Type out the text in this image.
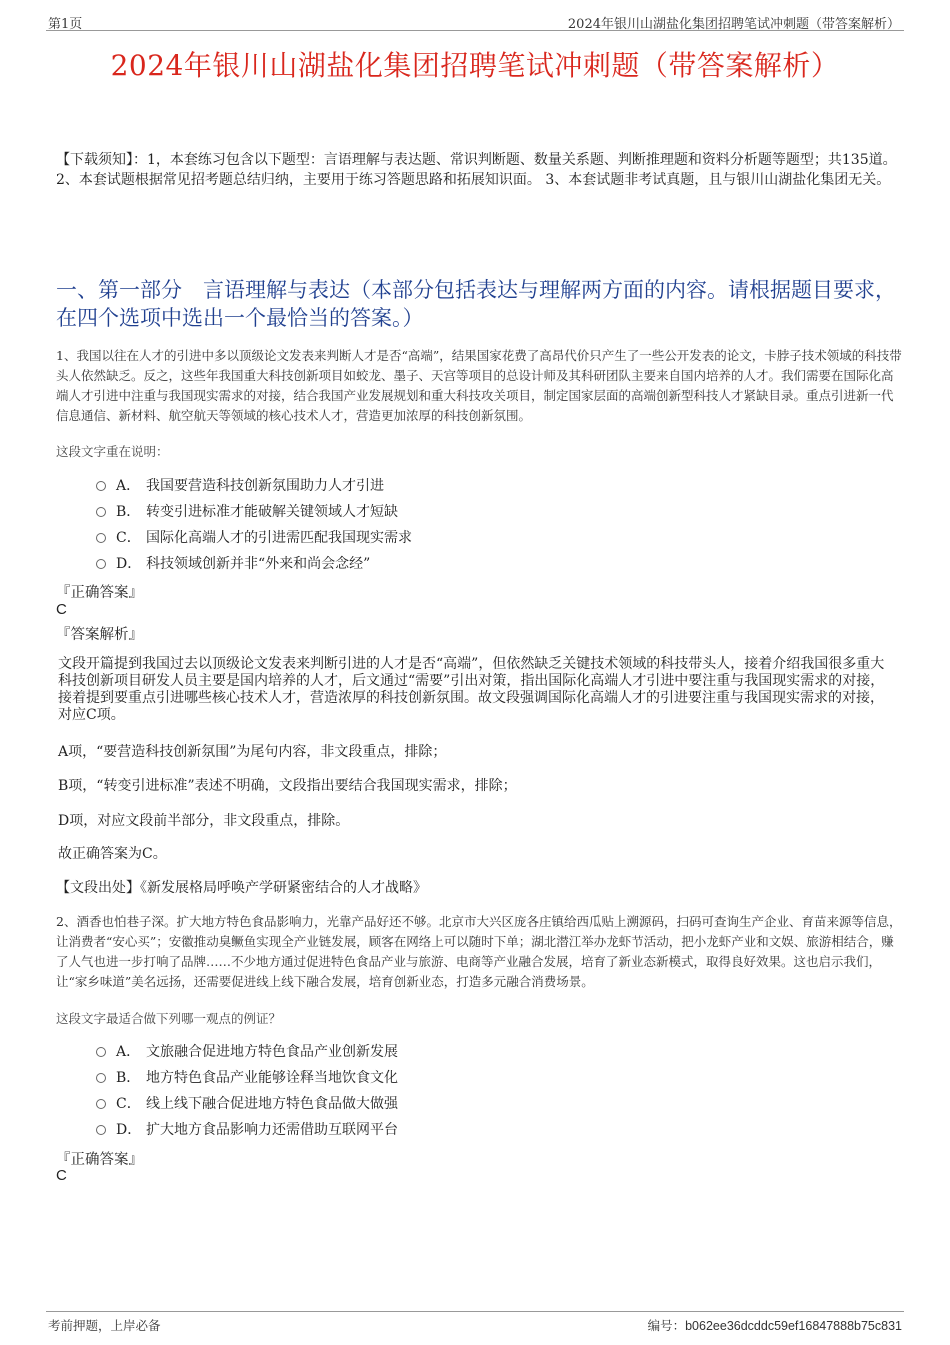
第1页	2024年银川山湖盐化集团招聘笔试冲刺题（带答案解析）
2024年银川山湖盐化集团招聘笔试冲刺题（带答案解析）
【下载须知】：1，本套练习包含以下题型：言语理解与表达题、常识判断题、数量关系题、判断推理题和资料分析题等题型；共135道。 2、本套试题根据常见招考题总结归纳，主要用于练习答题思路和拓展知识面。 3、本套试题非考试真题，且与银川山湖盐化集团无关。
一、第一部分　言语理解与表达（本部分包括表达与理解两方面的内容。请根据题目要求，在四个选项中选出一个最恰当的答案。）
1、我国以往在人才的引进中多以顶级论文发表来判断人才是否“高端”，结果国家花费了高昂代价只产生了一些公开发表的论文，卡脖子技术领域的科技带头人依然缺乏。反之，这些年我国重大科技创新项目如蛟龙、墨子、天宫等项目的总设计师及其科研团队主要来自国内培养的人才。我们需要在国际化高端人才引进中注重与我国现实需求的对接，结合我国产业发展规划和重大科技攻关项目，制定国家层面的高端创新型科技人才紧缺目录。重点引进新一代信息通信、新材料、航空航天等领域的核心技术人才，营造更加浓厚的科技创新氛围。
这段文字重在说明：
A． 我国要营造科技创新氛围助力人才引进
B． 转变引进标准才能破解关键领域人才短缺
C． 国际化高端人才的引进需匹配我国现实需求
D． 科技领域创新并非“外来和尚会念经”
『正确答案』
C
『答案解析』
文段开篇提到我国过去以顶级论文发表来判断引进的人才是否“高端”，但依然缺乏关键技术领域的科技带头人，接着介绍我国很多重大科技创新项目研发人员主要是国内培养的人才，后文通过“需要”引出对策，指出国际化高端人才引进中要注重与我国现实需求的对接，接着提到要重点引进哪些核心技术人才，营造浓厚的科技创新氛围。故文段强调国际化高端人才的引进要注重与我国现实需求的对接，对应C项。
A项，“要营造科技创新氛围”为尾句内容，非文段重点，排除；
B项，“转变引进标准”表述不明确，文段指出要结合我国现实需求，排除；
D项，对应文段前半部分，非文段重点，排除。
故正确答案为C。
【文段出处】《新发展格局呼唤产学研紧密结合的人才战略》
2、酒香也怕巷子深。扩大地方特色食品影响力，光靠产品好还不够。北京市大兴区庞各庄镇给西瓜贴上溯源码，扫码可查询生产企业、育苗来源等信息，让消费者“安心买”；安徽推动臭鳜鱼实现全产业链发展，顾客在网络上可以随时下单；湖北潜江举办龙虾节活动，把小龙虾产业和文娱、旅游相结合，赚了人气也进一步打响了品牌……不少地方通过促进特色食品产业与旅游、电商等产业融合发展，培育了新业态新模式，取得良好效果。这也启示我们，让“家乡味道”美名远扬，还需要促进线上线下融合发展，培育创新业态，打造多元融合消费场景。
这段文字最适合做下列哪一观点的例证？
A． 文旅融合促进地方特色食品产业创新发展
B． 地方特色食品产业能够诠释当地饮食文化
C． 线上线下融合促进地方特色食品做大做强
D． 扩大地方食品影响力还需借助互联网平台
『正确答案』
C
考前押题，上岸必备	编号：b062ee36dcddc59ef16847888b75c831
